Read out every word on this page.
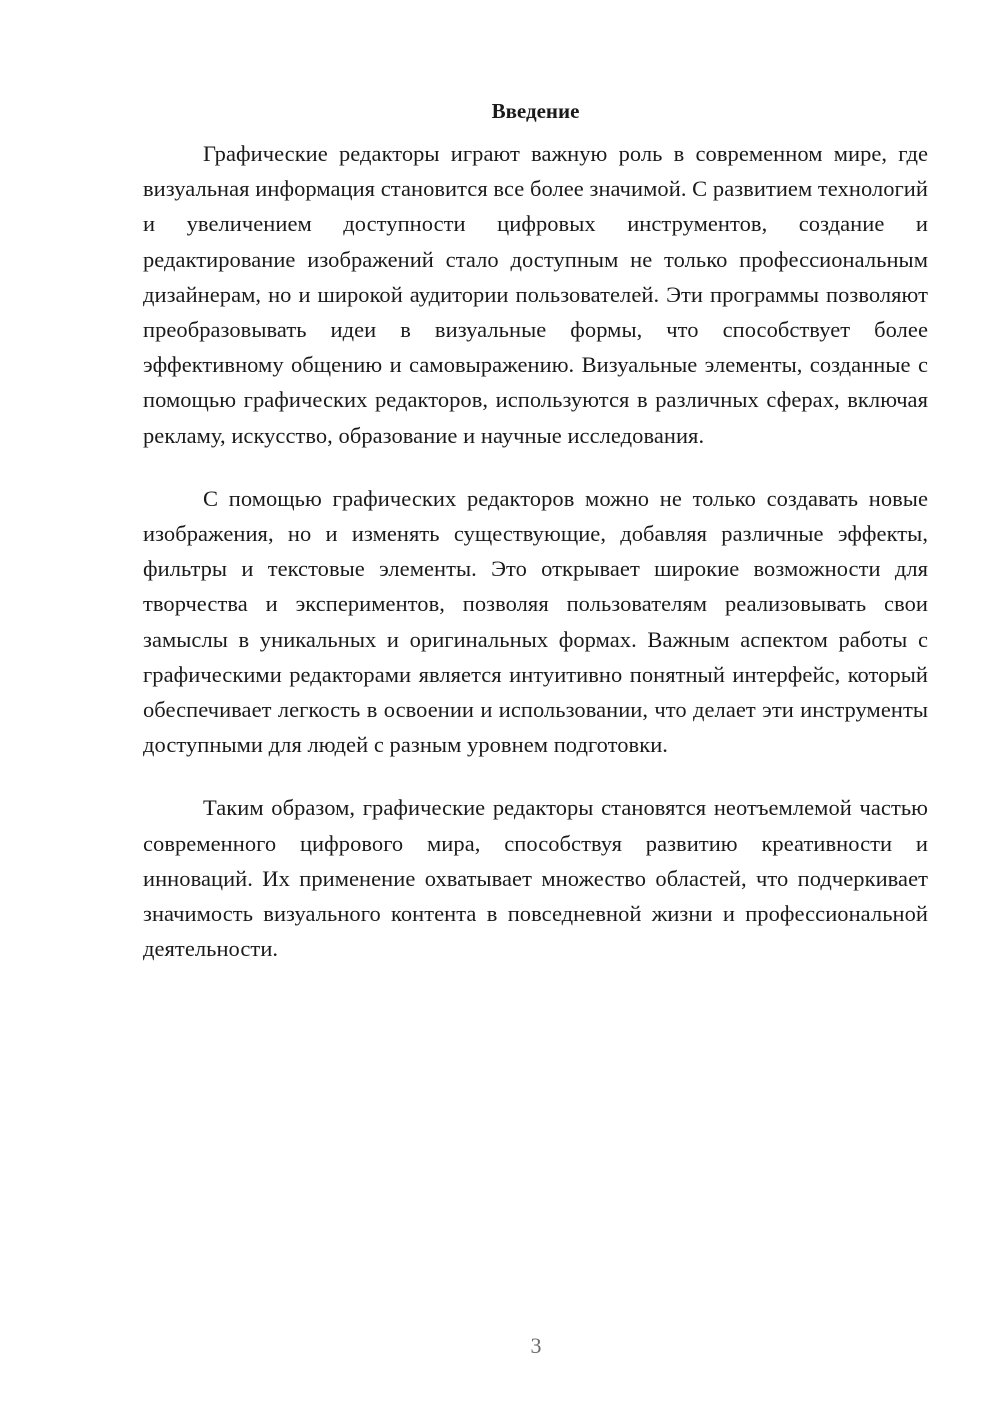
Введение

Графические редакторы играют важную роль в современном мире, где визуальная информация становится все более значимой. С развитием технологий и увеличением доступности цифровых инструментов, создание и редактирование изображений стало доступным не только профессиональным дизайнерам, но и широкой аудитории пользователей. Эти программы позволяют преобразовывать идеи в визуальные формы, что способствует более эффективному общению и самовыражению. Визуальные элементы, созданные с помощью графических редакторов, используются в различных сферах, включая рекламу, искусство, образование и научные исследования.

С помощью графических редакторов можно не только создавать новые изображения, но и изменять существующие, добавляя различные эффекты, фильтры и текстовые элементы. Это открывает широкие возможности для творчества и экспериментов, позволяя пользователям реализовывать свои замыслы в уникальных и оригинальных формах. Важным аспектом работы с графическими редакторами является интуитивно понятный интерфейс, который обеспечивает легкость в освоении и использовании, что делает эти инструменты доступными для людей с разным уровнем подготовки.

Таким образом, графические редакторы становятся неотъемлемой частью современного цифрового мира, способствуя развитию креативности и инноваций. Их применение охватывает множество областей, что подчеркивает значимость визуального контента в повседневной жизни и профессиональной деятельности.

3
